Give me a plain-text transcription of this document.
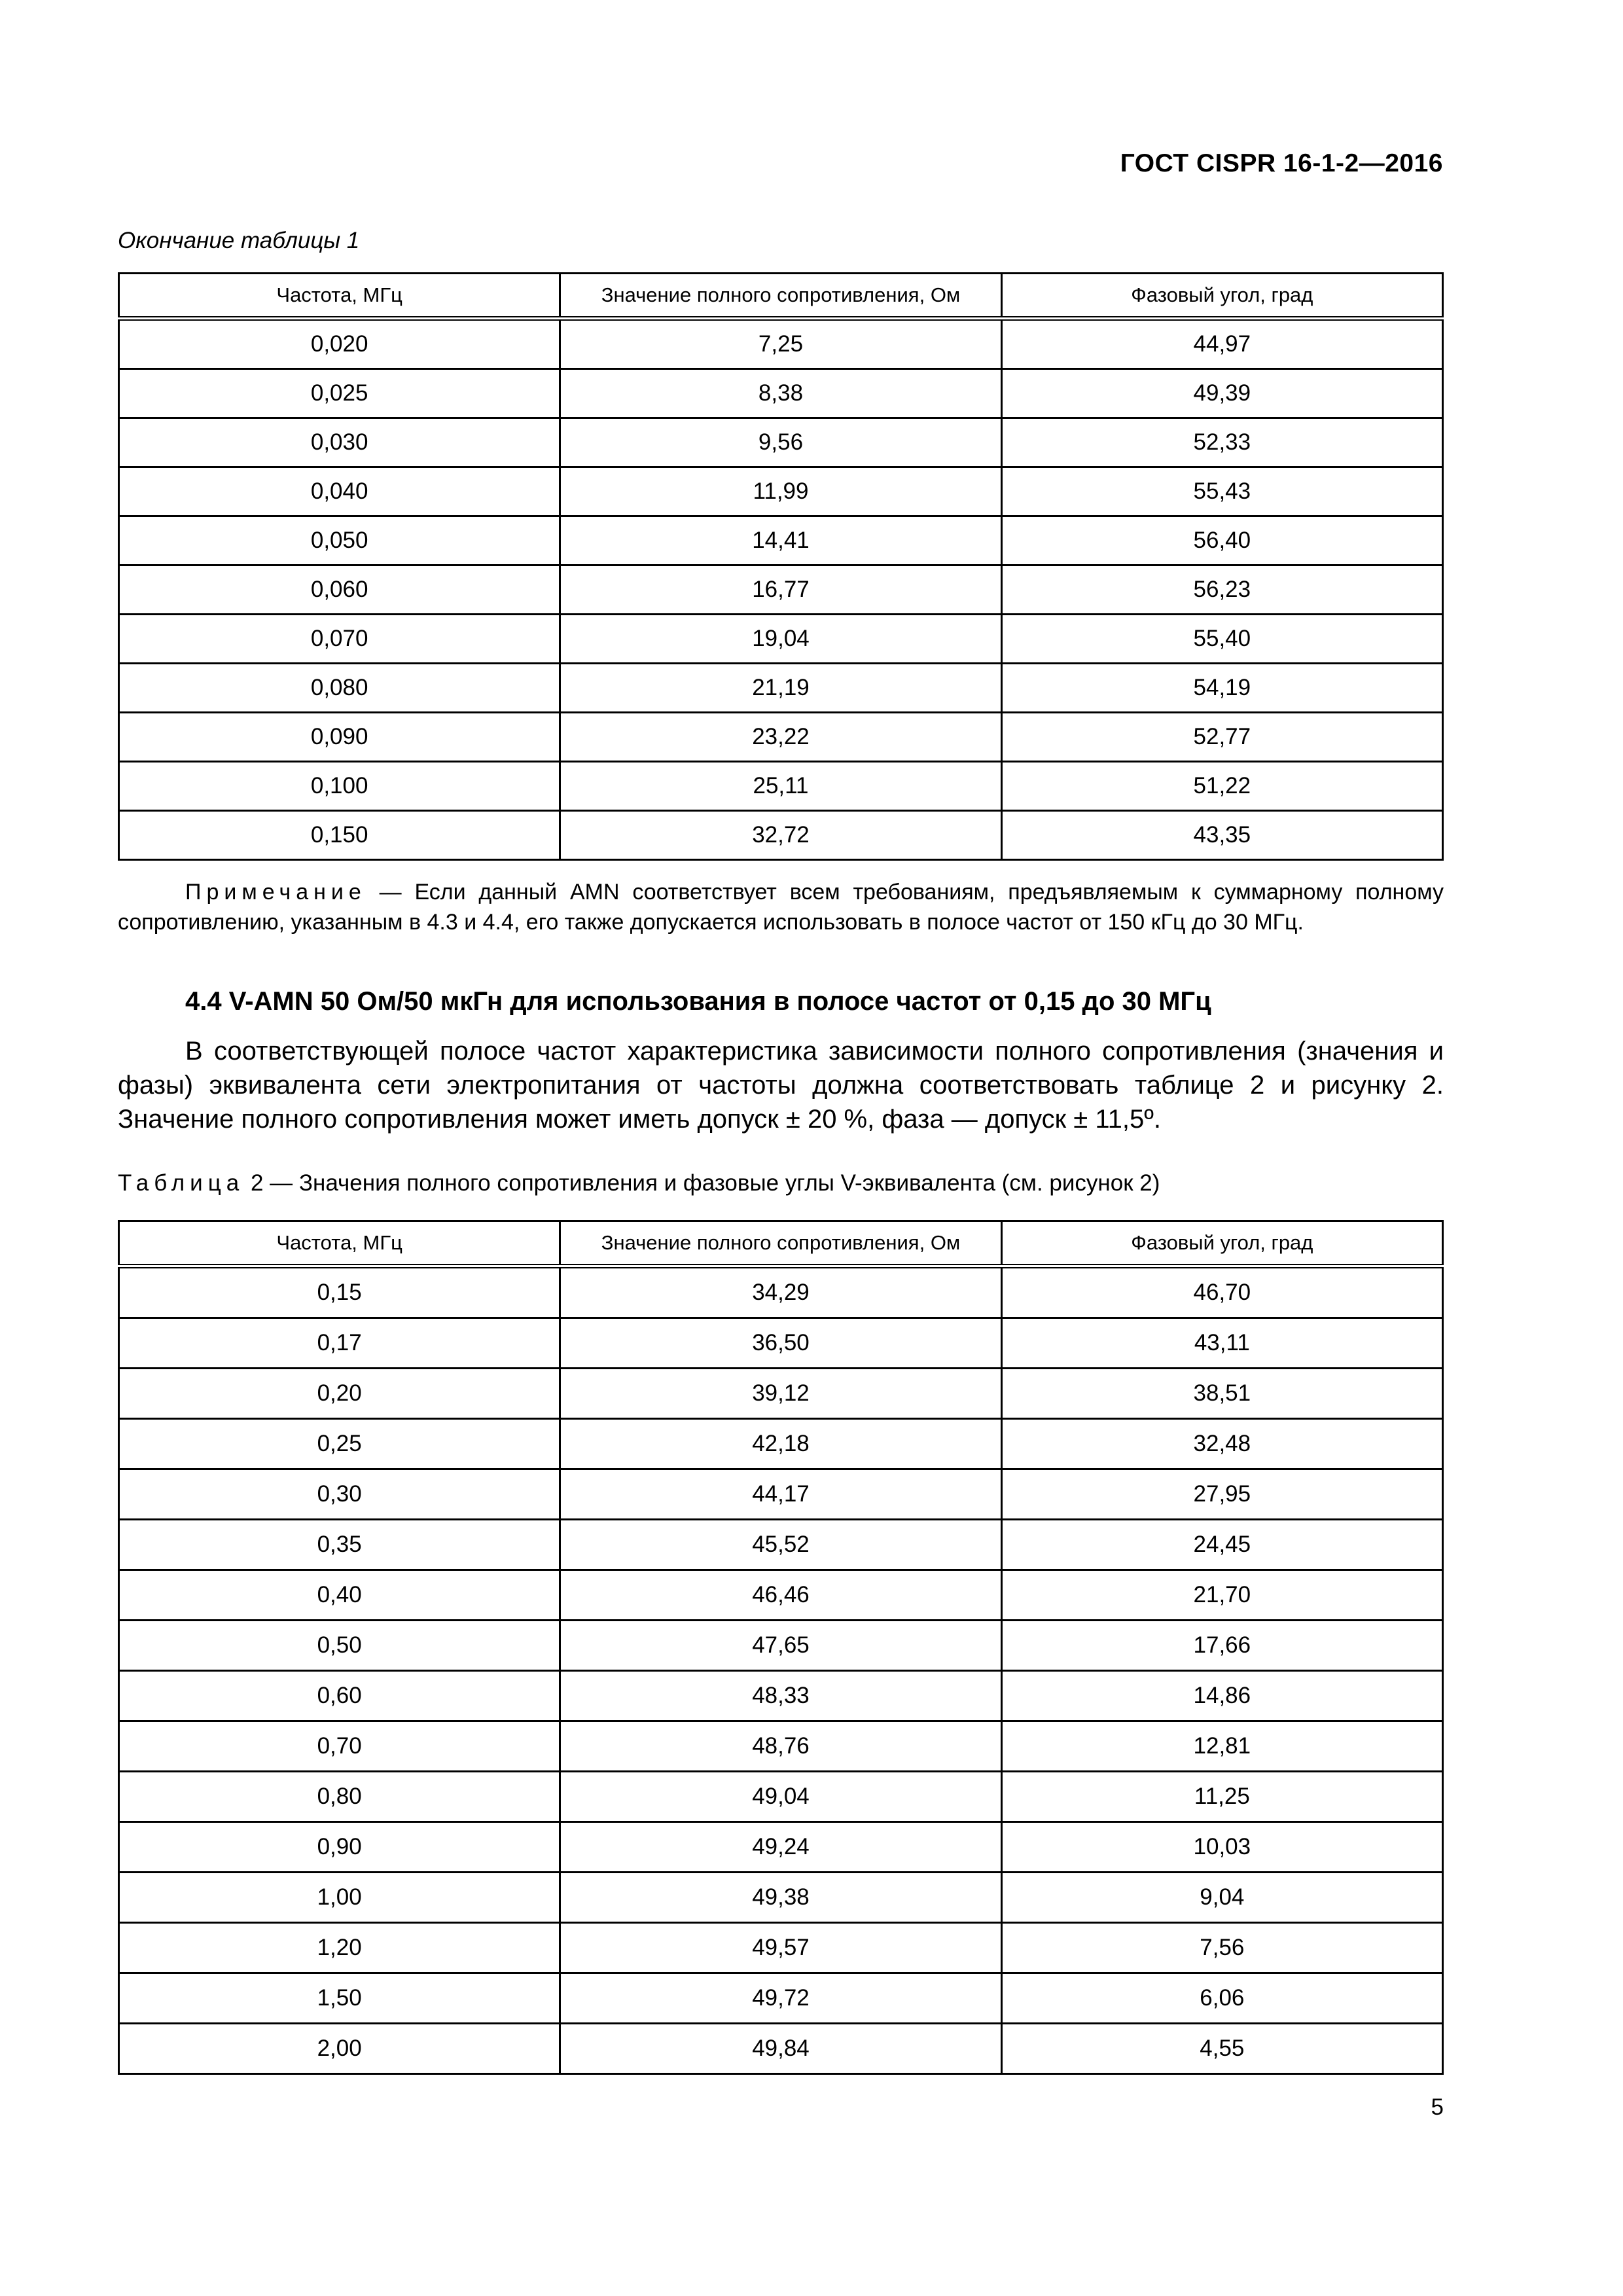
ГОСТ CISPR 16-1-2—2016
Окончание таблицы 1
Частота, МГц	Значение полного сопротивления, Ом	Фазовый угол, град
0,020	7,25	44,97
0,025	8,38	49,39
0,030	9,56	52,33
0,040	11,99	55,43
0,050	14,41	56,40
0,060	16,77	56,23
0,070	19,04	55,40
0,080	21,19	54,19
0,090	23,22	52,77
0,100	25,11	51,22
0,150	32,72	43,35
Примечание — Если данный AMN соответствует всем требованиям, предъявляемым к суммарному полному сопротивлению, указанным в 4.3 и 4.4, его также допускается использовать в полосе частот от 150 кГц до 30 МГц.
4.4 V-AMN 50 Ом/50 мкГн для использования в полосе частот от 0,15 до 30 МГц
В соответствующей полосе частот характеристика зависимости полного сопротивления (значения и фазы) эквивалента сети электропитания от частоты должна соответствовать таблице 2 и рисунку 2. Значение полного сопротивления может иметь допуск ± 20 %, фаза — допуск ± 11,5º.
Таблица 2 — Значения полного сопротивления и фазовые углы V-эквивалента (см. рисунок 2)
Частота, МГц	Значение полного сопротивления, Ом	Фазовый угол, град
0,15	34,29	46,70
0,17	36,50	43,11
0,20	39,12	38,51
0,25	42,18	32,48
0,30	44,17	27,95
0,35	45,52	24,45
0,40	46,46	21,70
0,50	47,65	17,66
0,60	48,33	14,86
0,70	48,76	12,81
0,80	49,04	11,25
0,90	49,24	10,03
1,00	49,38	9,04
1,20	49,57	7,56
1,50	49,72	6,06
2,00	49,84	4,55
5
